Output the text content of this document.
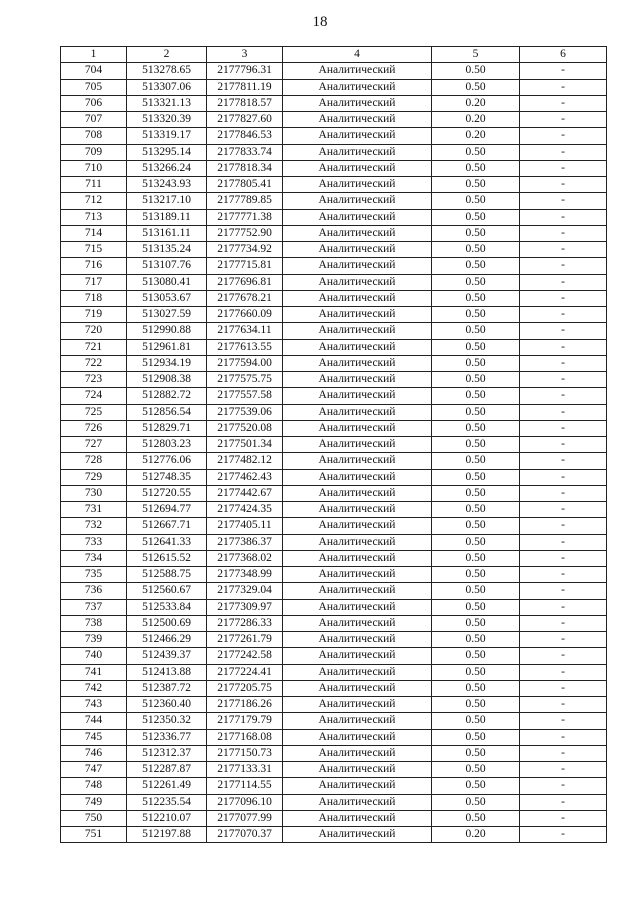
18
1	2	3	4	5	6
704	513278.65	2177796.31	Аналитический	0.50	-
705	513307.06	2177811.19	Аналитический	0.50	-
706	513321.13	2177818.57	Аналитический	0.20	-
707	513320.39	2177827.60	Аналитический	0.20	-
708	513319.17	2177846.53	Аналитический	0.20	-
709	513295.14	2177833.74	Аналитический	0.50	-
710	513266.24	2177818.34	Аналитический	0.50	-
711	513243.93	2177805.41	Аналитический	0.50	-
712	513217.10	2177789.85	Аналитический	0.50	-
713	513189.11	2177771.38	Аналитический	0.50	-
714	513161.11	2177752.90	Аналитический	0.50	-
715	513135.24	2177734.92	Аналитический	0.50	-
716	513107.76	2177715.81	Аналитический	0.50	-
717	513080.41	2177696.81	Аналитический	0.50	-
718	513053.67	2177678.21	Аналитический	0.50	-
719	513027.59	2177660.09	Аналитический	0.50	-
720	512990.88	2177634.11	Аналитический	0.50	-
721	512961.81	2177613.55	Аналитический	0.50	-
722	512934.19	2177594.00	Аналитический	0.50	-
723	512908.38	2177575.75	Аналитический	0.50	-
724	512882.72	2177557.58	Аналитический	0.50	-
725	512856.54	2177539.06	Аналитический	0.50	-
726	512829.71	2177520.08	Аналитический	0.50	-
727	512803.23	2177501.34	Аналитический	0.50	-
728	512776.06	2177482.12	Аналитический	0.50	-
729	512748.35	2177462.43	Аналитический	0.50	-
730	512720.55	2177442.67	Аналитический	0.50	-
731	512694.77	2177424.35	Аналитический	0.50	-
732	512667.71	2177405.11	Аналитический	0.50	-
733	512641.33	2177386.37	Аналитический	0.50	-
734	512615.52	2177368.02	Аналитический	0.50	-
735	512588.75	2177348.99	Аналитический	0.50	-
736	512560.67	2177329.04	Аналитический	0.50	-
737	512533.84	2177309.97	Аналитический	0.50	-
738	512500.69	2177286.33	Аналитический	0.50	-
739	512466.29	2177261.79	Аналитический	0.50	-
740	512439.37	2177242.58	Аналитический	0.50	-
741	512413.88	2177224.41	Аналитический	0.50	-
742	512387.72	2177205.75	Аналитический	0.50	-
743	512360.40	2177186.26	Аналитический	0.50	-
744	512350.32	2177179.79	Аналитический	0.50	-
745	512336.77	2177168.08	Аналитический	0.50	-
746	512312.37	2177150.73	Аналитический	0.50	-
747	512287.87	2177133.31	Аналитический	0.50	-
748	512261.49	2177114.55	Аналитический	0.50	-
749	512235.54	2177096.10	Аналитический	0.50	-
750	512210.07	2177077.99	Аналитический	0.50	-
751	512197.88	2177070.37	Аналитический	0.20	-
